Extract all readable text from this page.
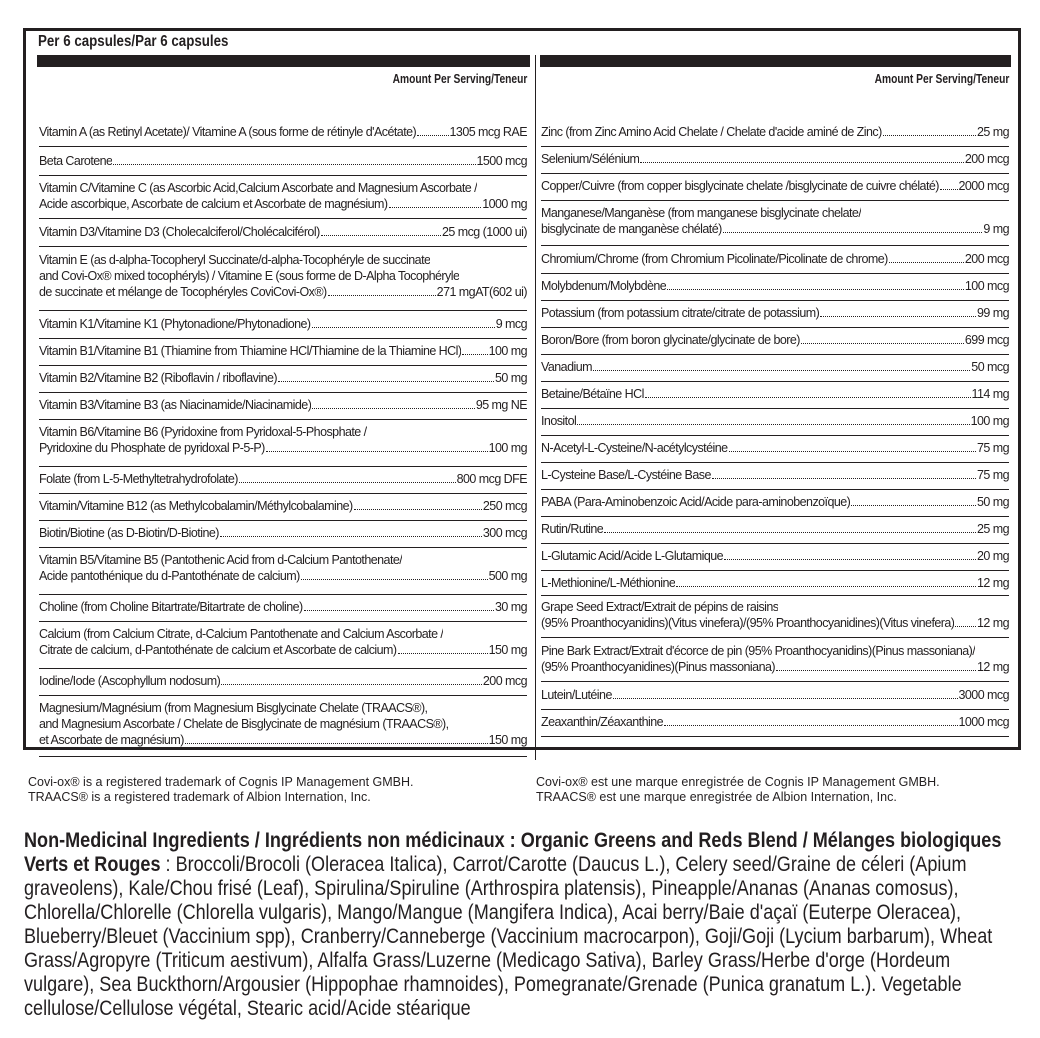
Per 6 capsules/Par 6 capsules
Amount Per Serving/Teneur
Vitamin A (as Retinyl Acetate)/ Vitamine A (sous forme de rétinyle d'Acétate)	1305 mcg RAE
Beta Carotene	1500 mcg
Vitamin C/Vitamine C (as Ascorbic Acid,Calcium Ascorbate and Magnesium Ascorbate /
Acide ascorbique, Ascorbate de calcium et Ascorbate de magnésium)	1000 mg
Vitamin D3/Vitamine D3 (Cholecalciferol/Cholécalciférol)	25 mcg (1000 ui)
Vitamin E (as d-alpha-Tocopheryl Succinate/d-alpha-Tocophéryle de succinate
and Covi-Ox® mixed tocophéryls) / Vitamine E (sous forme de D-Alpha Tocophéryle
de succinate et mélange de Tocophéryles CoviCovi-Ox®)	271 mgAT(602 ui)
Vitamin K1/Vitamine K1 (Phytonadione/Phytonadione)	9 mcg
Vitamin B1/Vitamine B1 (Thiamine from Thiamine HCl/Thiamine de la Thiamine HCl) 100 mg
Vitamin B2/Vitamine B2 (Riboflavin / riboflavine)	50 mg
Vitamin B3/Vitamine B3 (as Niacinamide/Niacinamide)	95 mg NE
Vitamin B6/Vitamine B6 (Pyridoxine from Pyridoxal-5-Phosphate /
Pyridoxine du Phosphate de pyridoxal P-5-P)	100 mg
Folate (from L-5-Methyltetrahydrofolate)	800 mcg DFE
Vitamin/Vitamine B12 (as Methylcobalamin/Méthylcobalamine)	250 mcg
Biotin/Biotine (as D-Biotin/D-Biotine)	300 mcg
Vitamin B5/Vitamine B5 (Pantothenic Acid from d-Calcium Pantothenate/
Acide pantothénique du d-Pantothénate de calcium)	500 mg
Choline (from Choline Bitartrate/Bitartrate de choline)	30 mg
Calcium (from Calcium Citrate, d-Calcium Pantothenate and Calcium Ascorbate /
Citrate de calcium, d-Pantothénate de calcium et Ascorbate de calcium)	150 mg
Iodine/Iode (Ascophyllum nodosum)	200 mcg
Magnesium/Magnésium (from Magnesium Bisglycinate Chelate (TRAACS®),
and Magnesium Ascorbate / Chelate de Bisglycinate de magnésium (TRAACS®),
et Ascorbate de magnésium)	150 mg
Amount Per Serving/Teneur
Zinc (from Zinc Amino Acid Chelate / Chelate d'acide aminé de Zinc)	25 mg
Selenium/Sélénium	200 mcg
Copper/Cuivre (from copper bisglycinate chelate /bisglycinate de cuivre chélaté) 2000 mcg
Manganese/Manganèse (from manganese bisglycinate chelate/
bisglycinate de manganèse chélaté)	9 mg
Chromium/Chrome (from Chromium Picolinate/Picolinate de chrome)	200 mcg
Molybdenum/Molybdène	100 mcg
Potassium (from potassium citrate/citrate de potassium)	99 mg
Boron/Bore (from boron glycinate/glycinate de bore)	699 mcg
Vanadium	50 mcg
Betaine/Bétaïne HCl	114 mg
Inositol	100 mg
N-Acetyl-L-Cysteine/N-acétylcystéine	75 mg
L-Cysteine Base/L-Cystéine Base	75 mg
PABA (Para-Aminobenzoic Acid/Acide para-aminobenzoïque)	50 mg
Rutin/Rutine	25 mg
L-Glutamic Acid/Acide L-Glutamique	20 mg
L-Methionine/L-Méthionine	12 mg
Grape Seed Extract/Extrait de pépins de raisins
(95% Proanthocyanidins)(Vitus vinefera)/(95% Proanthocyanidines)(Vitus vinefera) 12 mg
Pine Bark Extract/Extrait d'écorce de pin (95% Proanthocyanidins)(Pinus massoniana)/
(95% Proanthocyanidines)(Pinus massoniana)	12 mg
Lutein/Lutéine	3000 mcg
Zeaxanthin/Zéaxanthine	1000 mcg
Covi-ox® is a registered trademark of Cognis IP Management GMBH.
TRAACS® is a registered trademark of Albion Internation, Inc.
Covi-ox® est une marque enregistrée de Cognis IP Management GMBH.
TRAACS® est une marque enregistrée de Albion Internation, Inc.
Non-Medicinal Ingredients / Ingrédients non médicinaux : Organic Greens and Reds Blend / Mélanges biologiques Verts et Rouges : Broccoli/Brocoli (Oleracea Italica), Carrot/Carotte (Daucus L.), Celery seed/Graine de céleri (Apium graveolens), Kale/Chou frisé (Leaf), Spirulina/Spiruline (Arthrospira platensis), Pineapple/Ananas (Ananas comosus), Chlorella/Chlorelle (Chlorella vulgaris), Mango/Mangue (Mangifera Indica), Acai berry/Baie d'açaï (Euterpe Oleracea), Blueberry/Bleuet (Vaccinium spp), Cranberry/Canneberge (Vaccinium macrocarpon), Goji/Goji (Lycium barbarum), Wheat Grass/Agropyre (Triticum aestivum), Alfalfa Grass/Luzerne (Medicago Sativa), Barley Grass/Herbe d'orge (Hordeum vulgare), Sea Buckthorn/Argousier (Hippophae rhamnoides), Pomegranate/Grenade (Punica granatum L.). Vegetable cellulose/Cellulose végétal, Stearic acid/Acide stéarique
